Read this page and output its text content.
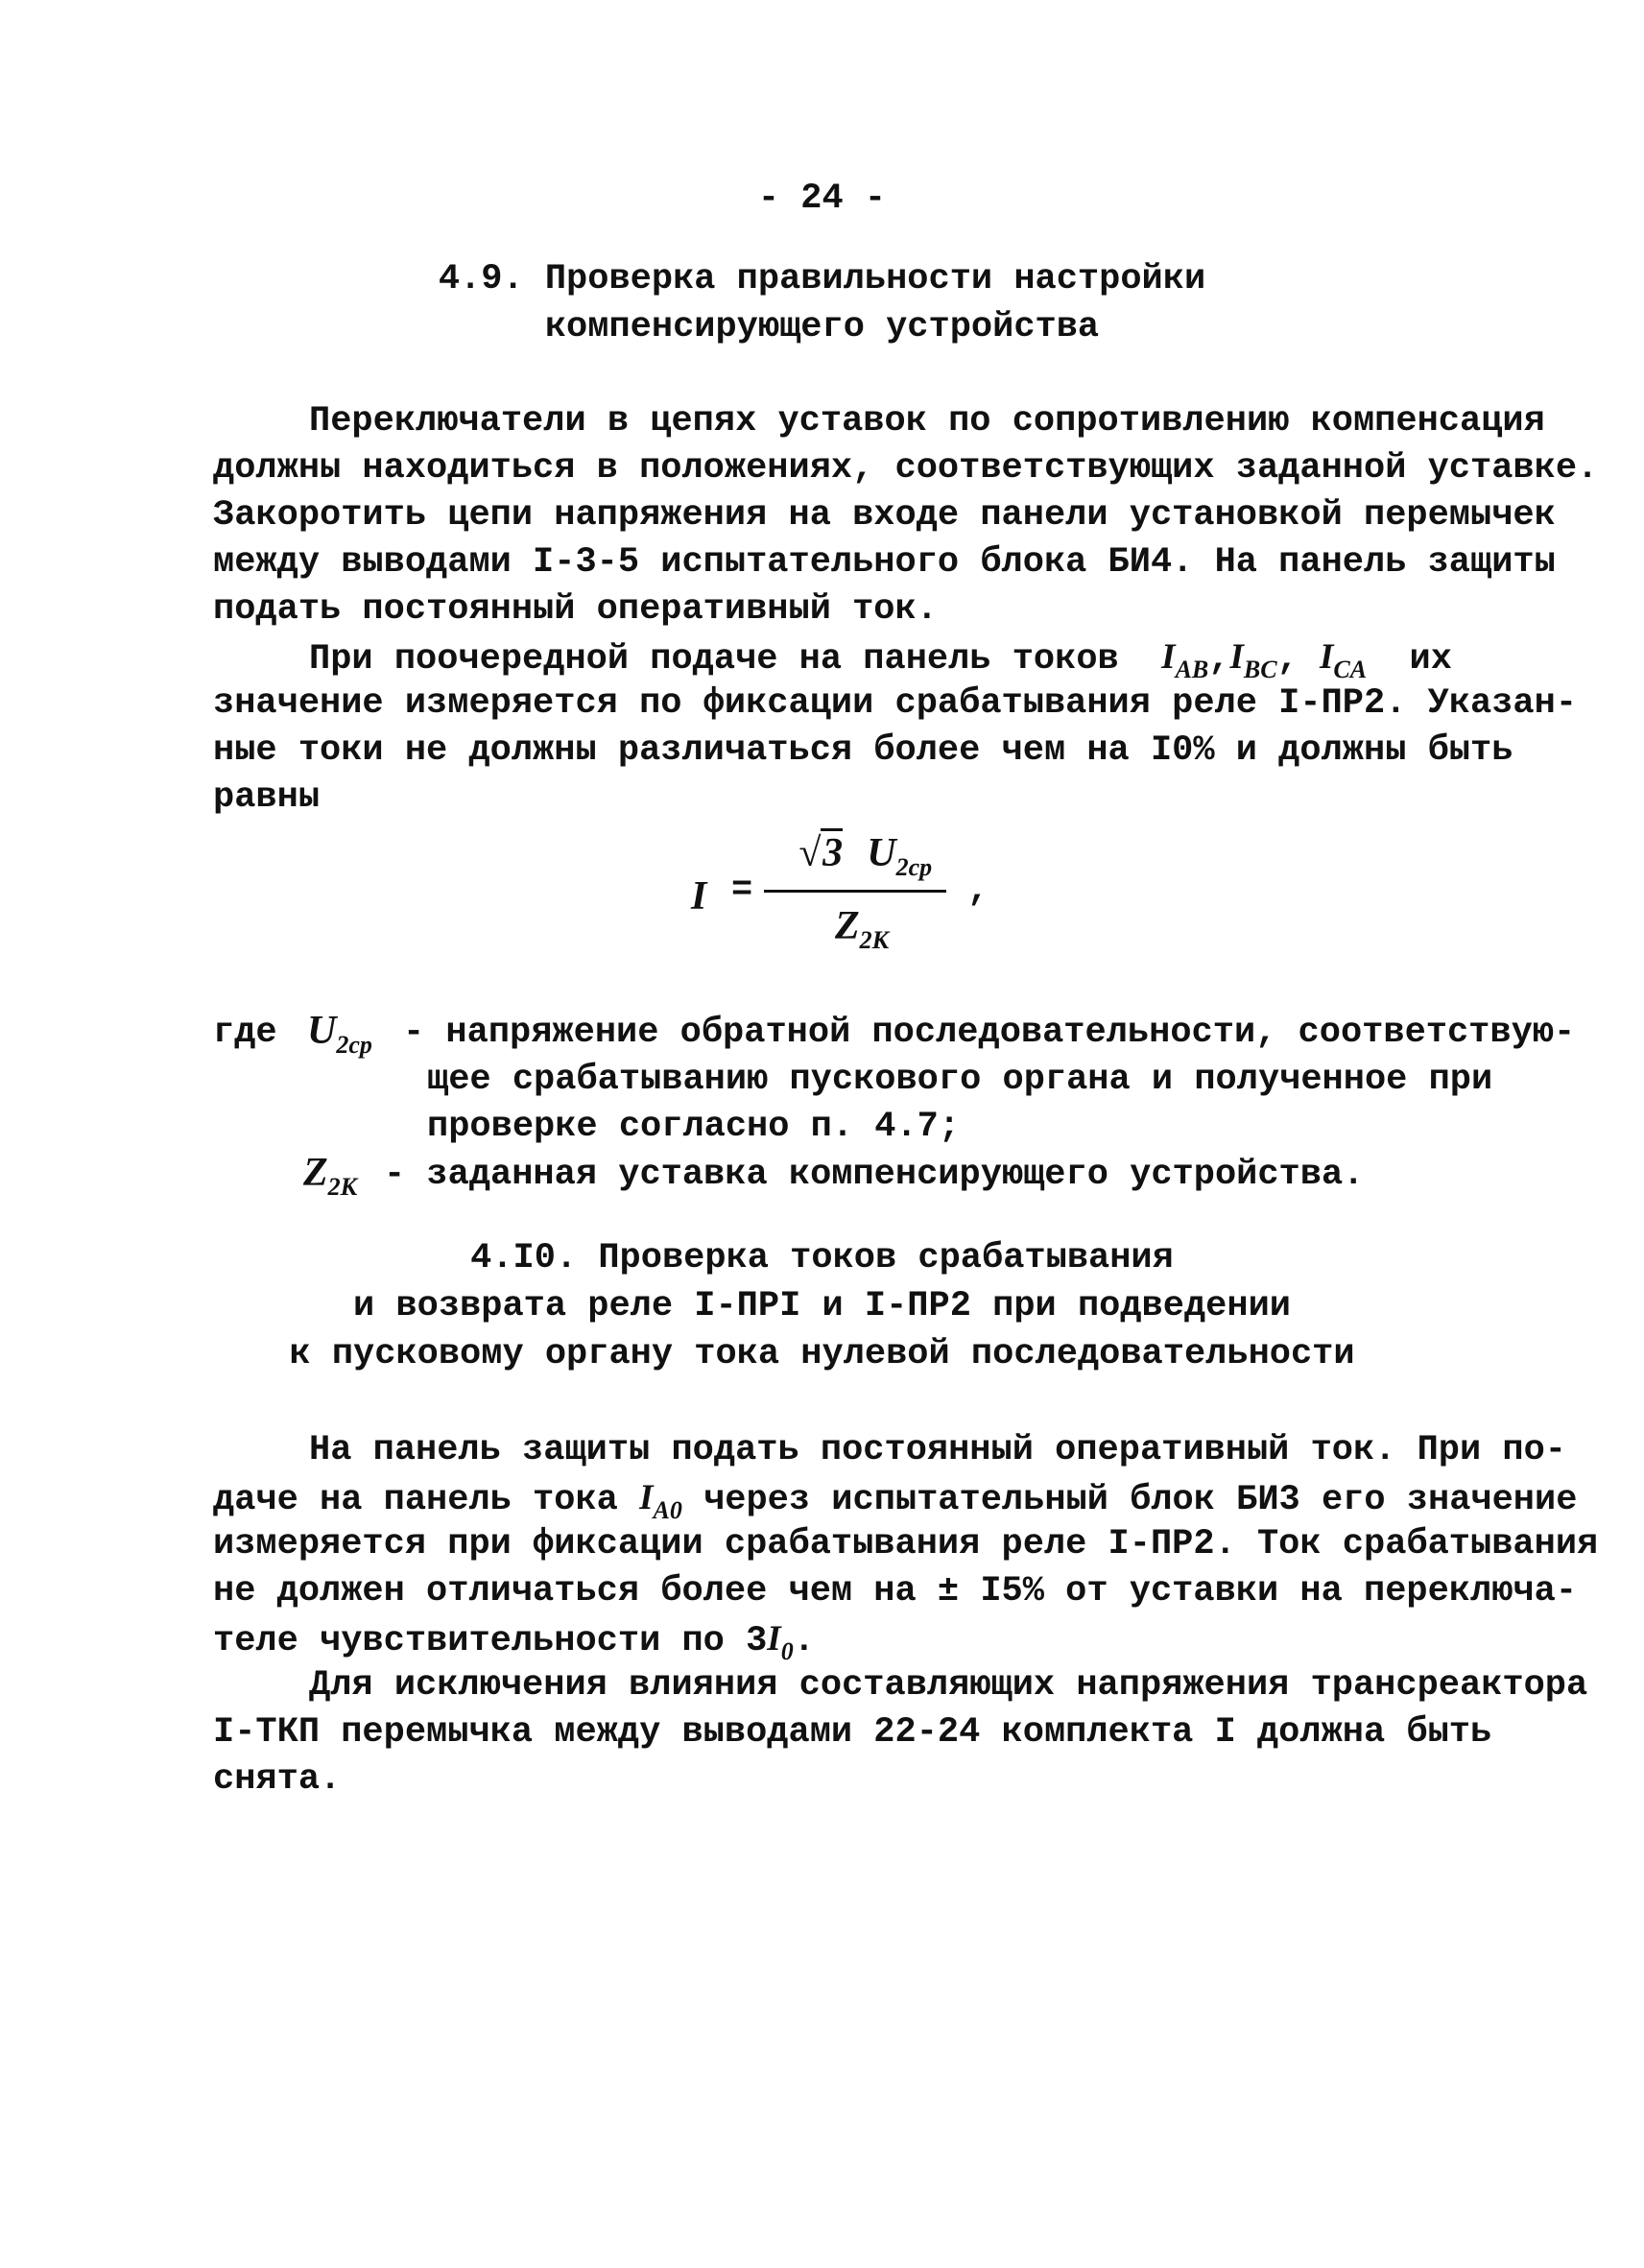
- 24 -
4.9. Проверка правильности настройки
компенсирующего устройства
Переключатели в цепях уставок по сопротивлению компенсация
должны находиться в положениях, соответствующих заданной уставке.
Закоротить цепи напряжения на входе панели установкой перемычек
между выводами I-3-5 испытательного блока БИ4. На панель защиты
подать постоянный оперативный ток.
При поочередной подаче на панель токов $I_{AB},I_{BC}$, $I_{CA}$ их
значение измеряется по фиксации срабатывания реле I-ПР2. Указан-
ные токи не должны различаться более чем на I0% и должны быть
равны
I =
√3 $U_{2ср}$
$Z_{2К}$
,
где $U_{2ср}$ - напряжение обратной последовательности, соответствую-
щее срабатыванию пускового органа и полученное при
проверке согласно п. 4.7;
$Z_{2К}$ - заданная уставка компенсирующего устройства.
4.I0. Проверка токов срабатывания
и возврата реле I-ПРI и I-ПР2 при подведении
к пусковому органу тока нулевой последовательности
На панель защиты подать постоянный оперативный ток. При по-
даче на панель тока $I_{А0}$ через испытательный блок БИ3 его значение
измеряется при фиксации срабатывания реле I-ПР2. Ток срабатывания
не должен отличаться более чем на ± I5% от уставки на переключа-
теле чувствительности по $3I_0$.
Для исключения влияния составляющих напряжения трансреактора
I-ТКП перемычка между выводами 22-24 комплекта I должна быть
снята.
